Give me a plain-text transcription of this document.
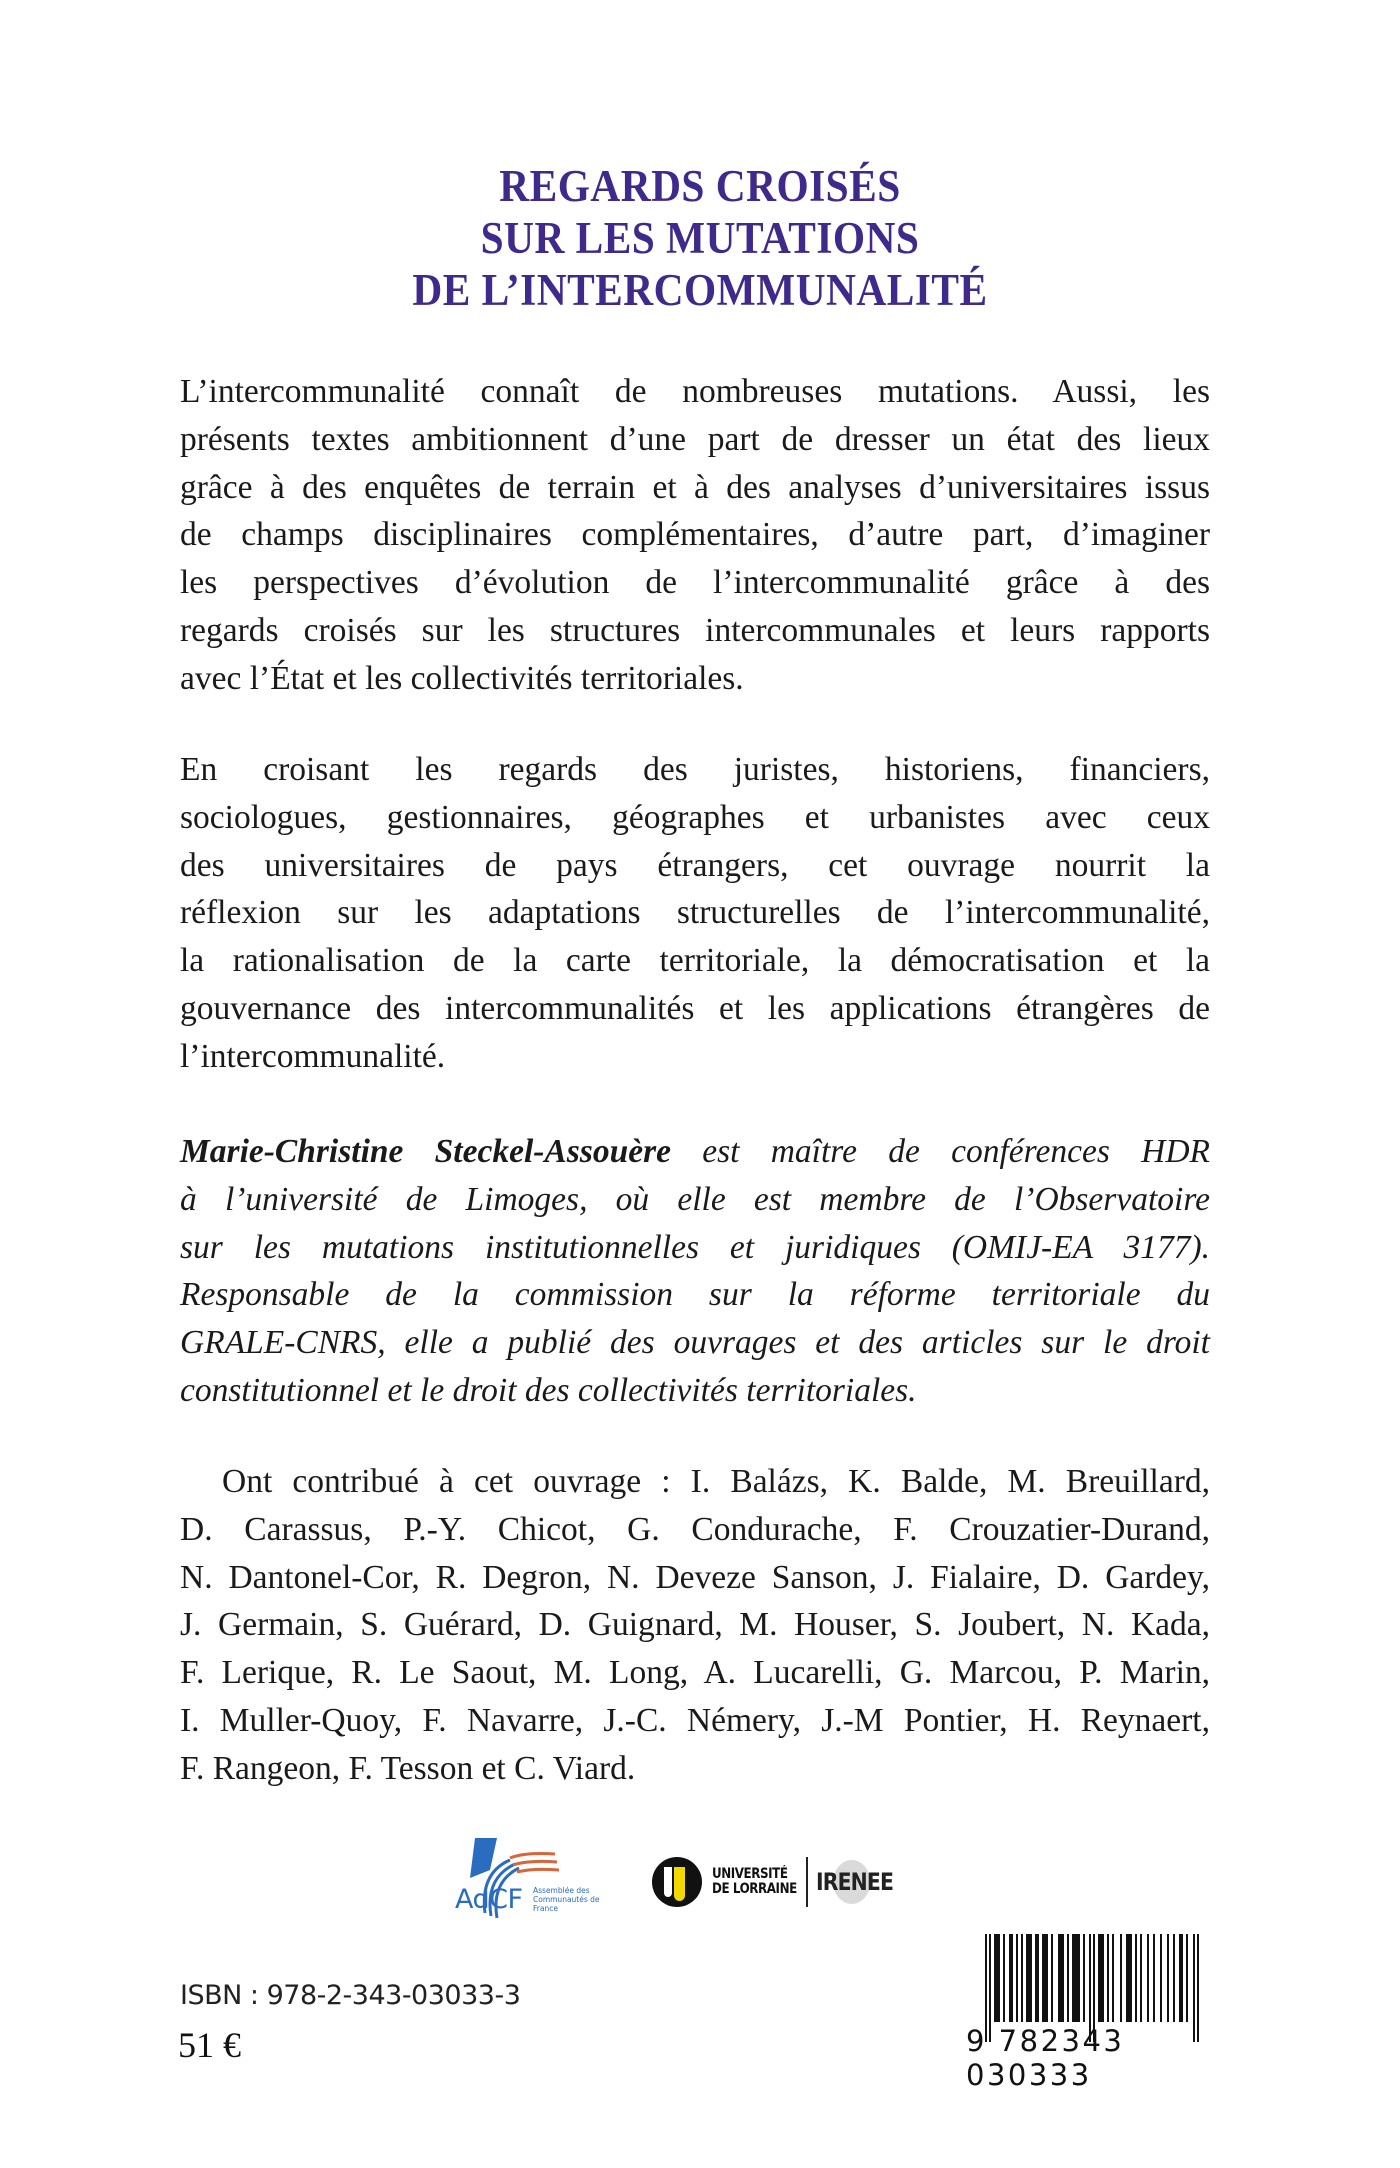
REGARDS CROISÉS
SUR LES MUTATIONS
DE L’INTERCOMMUNALITÉ
L’intercommunalité connaît de nombreuses mutations. Aussi, les
présents textes ambitionnent d’une part de dresser un état des lieux
grâce à des enquêtes de terrain et à des analyses d’universitaires issus
de champs disciplinaires complémentaires, d’autre part, d’imaginer
les perspectives d’évolution de l’intercommunalité grâce à des
regards croisés sur les structures intercommunales et leurs rapports
avec l’État et les collectivités territoriales.
En croisant les regards des juristes, historiens, financiers,
sociologues, gestionnaires, géographes et urbanistes avec ceux
des universitaires de pays étrangers, cet ouvrage nourrit la
réflexion sur les adaptations structurelles de l’intercommunalité,
la rationalisation de la carte territoriale, la démocratisation et la
gouvernance des intercommunalités et les applications étrangères de
l’intercommunalité.
Marie-Christine Steckel-Assouère est maître de conférences HDR
à l’université de Limoges, où elle est membre de l’Observatoire
sur les mutations institutionnelles et juridiques (OMIJ-EA 3177).
Responsable de la commission sur la réforme territoriale du
GRALE-CNRS, elle a publié des ouvrages et des articles sur le droit
constitutionnel et le droit des collectivités territoriales.
Ont contribué à cet ouvrage : I. Balázs, K. Balde, M. Breuillard,
D. Carassus, P.-Y. Chicot, G. Condurache, F. Crouzatier-Durand,
N. Dantonel-Cor, R. Degron, N. Deveze Sanson, J. Fialaire, D. Gardey,
J. Germain, S. Guérard, D. Guignard, M. Houser, S. Joubert, N. Kada,
F. Lerique, R. Le Saout, M. Long, A. Lucarelli, G. Marcou, P. Marin,
I. Muller-Quoy, F. Navarre, J.-C. Némery, J.-M Pontier, H. Reynaert,
F. Rangeon, F. Tesson et C. Viard.
AdCF Assemblée des Communautés de France
UNIVERSITÉ
DE LORRAINE IRENEE
ISBN : 978-2-343-03033-3
51 €	9 782343 030333
